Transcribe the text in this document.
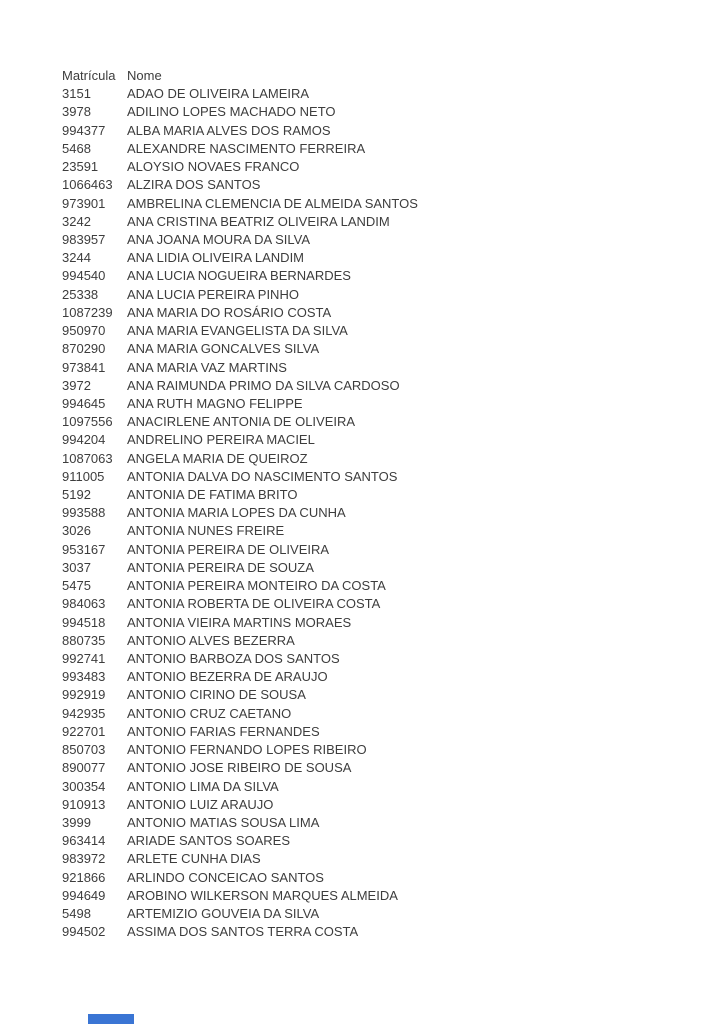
Matrícula Nome
3151	ADAO DE OLIVEIRA LAMEIRA
3978	ADILINO LOPES MACHADO NETO
994377	ALBA MARIA ALVES DOS RAMOS
5468	ALEXANDRE NASCIMENTO FERREIRA
23591	ALOYSIO NOVAES FRANCO
1066463	ALZIRA DOS SANTOS
973901	AMBRELINA CLEMENCIA DE ALMEIDA SANTOS
3242	ANA CRISTINA BEATRIZ OLIVEIRA LANDIM
983957	ANA JOANA MOURA DA SILVA
3244	ANA LIDIA OLIVEIRA LANDIM
994540	ANA LUCIA NOGUEIRA BERNARDES
25338	ANA LUCIA PEREIRA PINHO
1087239	ANA MARIA DO ROSÁRIO COSTA
950970	ANA MARIA EVANGELISTA DA SILVA
870290	ANA MARIA GONCALVES SILVA
973841	ANA MARIA VAZ MARTINS
3972	ANA RAIMUNDA PRIMO DA SILVA CARDOSO
994645	ANA RUTH MAGNO FELIPPE
1097556	ANACIRLENE ANTONIA DE OLIVEIRA
994204	ANDRELINO PEREIRA MACIEL
1087063	ANGELA MARIA DE QUEIROZ
911005	ANTONIA DALVA DO NASCIMENTO SANTOS
5192	ANTONIA DE FATIMA BRITO
993588	ANTONIA MARIA LOPES DA CUNHA
3026	ANTONIA NUNES FREIRE
953167	ANTONIA PEREIRA DE OLIVEIRA
3037	ANTONIA PEREIRA DE SOUZA
5475	ANTONIA PEREIRA MONTEIRO DA COSTA
984063	ANTONIA ROBERTA DE OLIVEIRA COSTA
994518	ANTONIA VIEIRA MARTINS MORAES
880735	ANTONIO ALVES BEZERRA
992741	ANTONIO BARBOZA DOS SANTOS
993483	ANTONIO BEZERRA DE ARAUJO
992919	ANTONIO CIRINO DE SOUSA
942935	ANTONIO CRUZ CAETANO
922701	ANTONIO FARIAS FERNANDES
850703	ANTONIO FERNANDO LOPES RIBEIRO
890077	ANTONIO JOSE RIBEIRO DE SOUSA
300354	ANTONIO LIMA DA SILVA
910913	ANTONIO LUIZ ARAUJO
3999	ANTONIO MATIAS SOUSA LIMA
963414	ARIADE SANTOS SOARES
983972	ARLETE CUNHA DIAS
921866	ARLINDO CONCEICAO SANTOS
994649	AROBINO WILKERSON MARQUES ALMEIDA
5498	ARTEMIZIO GOUVEIA DA SILVA
994502	ASSIMA DOS SANTOS TERRA COSTA
